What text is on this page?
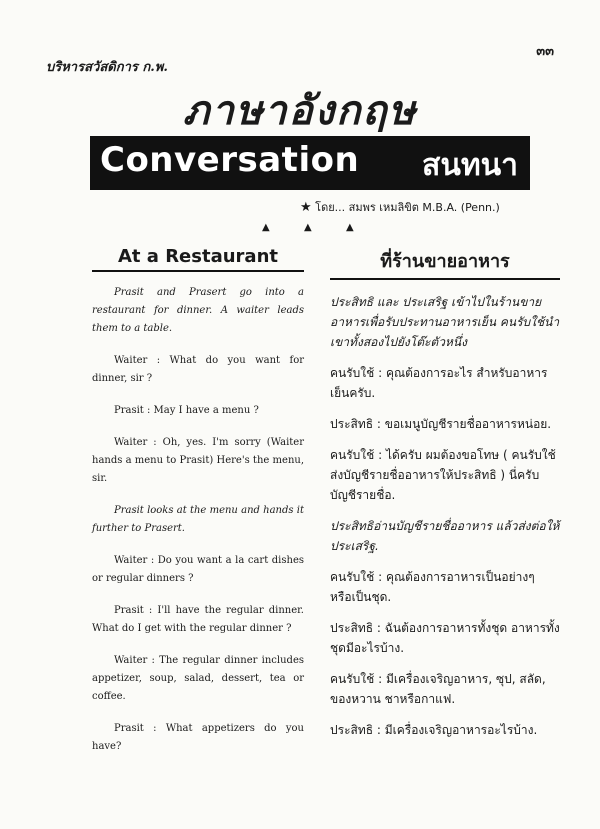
บริหารสวัสดิการ ก.พ.
๓๓
ภาษาอังกฤษ
Conversation สนทนา
★ โดย... สมพร เหมลิขิต M.B.A. (Penn.)
▲	▲	▲
At a Restaurant

Prasit and Prasert go into a restaurant for dinner. A waiter leads them to a table.

Waiter : What do you want for dinner, sir ?

Prasit : May I have a menu ?

Waiter : Oh, yes. I'm sorry (Waiter hands a menu to Prasit) Here's the menu, sir.

Prasit looks at the menu and hands it further to Prasert.

Waiter : Do you want a la cart dishes or regular dinners ?

Prasit : I'll have the regular dinner. What do I get with the regular dinner ?

Waiter : The regular dinner includes appetizer, soup, salad, dessert, tea or coffee.

Prasit : What appetizers do you have?

ที่ร้านขายอาหาร

ประสิทธิ และ ประเสริฐ เข้าไปในร้านขายอาหารเพื่อรับประทานอาหารเย็น คนรับใช้นำเขาทั้งสองไปยังโต๊ะตัวหนึ่ง

คนรับใช้ : คุณต้องการอะไร สำหรับอาหารเย็นครับ.

ประสิทธิ : ขอเมนูบัญชีรายชื่ออาหารหน่อย.

คนรับใช้ : ได้ครับ ผมต้องขอโทษ ( คนรับใช้ส่งบัญชีรายชื่ออาหารให้ประสิทธิ ) นี่ครับบัญชีรายชื่อ.

ประสิทธิอ่านบัญชีรายชื่ออาหาร แล้วส่งต่อให้ประเสริฐ.

คนรับใช้ : คุณต้องการอาหารเป็นอย่างๆ หรือเป็นชุด.

ประสิทธิ : ฉันต้องการอาหารทั้งชุด อาหารทั้งชุดมีอะไรบ้าง.

คนรับใช้ : มีเครื่องเจริญอาหาร, ซุป, สลัด, ของหวาน ชาหรือกาแฟ.

ประสิทธิ : มีเครื่องเจริญอาหารอะไรบ้าง.
